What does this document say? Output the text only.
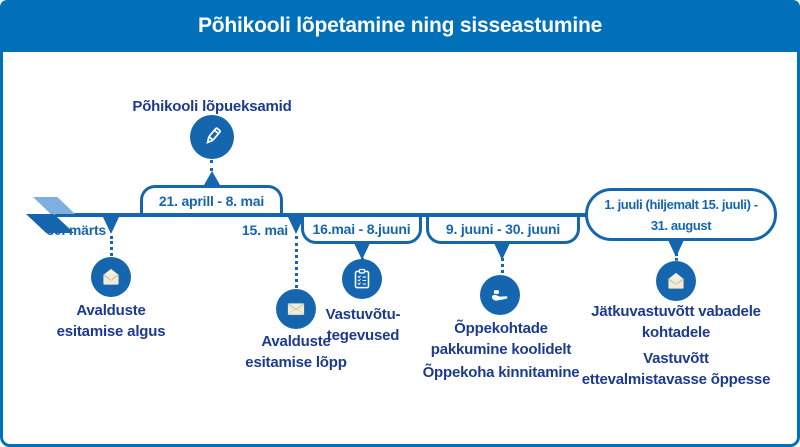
Põhikooli lõpetamine ning sisseastumine
30. märts
Avalduste
esitamise algus
Põhikooli lõpueksamid
21. aprill - 8. mai
15. mai
Avalduste
esitamise lõpp
16.mai - 8.juuni
Vastuvõtu-
tegevused
9. juuni - 30. juuni
Õppekohtade
pakkumine koolidelt
Õppekoha kinnitamine
1. juuli (hiljemalt 15. juuli) -
31. august
Jätkuvastuvõtt vabadele
kohtadele
Vastuvõtt
ettevalmistavasse õppesse
